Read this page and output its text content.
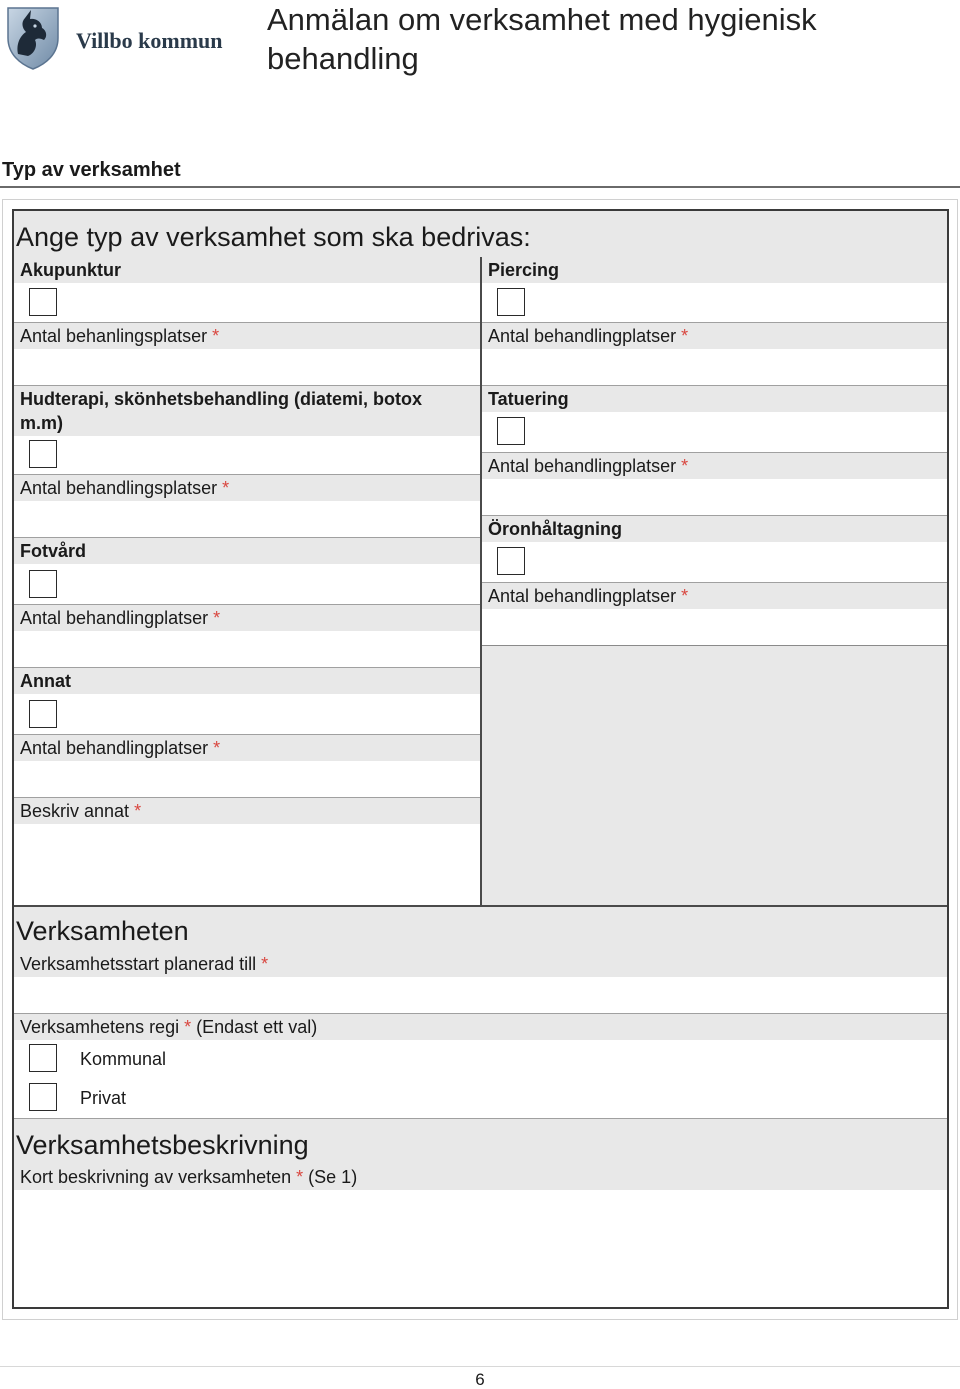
Villbo kommun
Anmälan om verksamhet med hygienisk behandling
Typ av verksamhet
Ange typ av verksamhet som ska bedrivas:
Akupunktur
Antal behanlingsplatser *
Hudterapi, skönhetsbehandling (diatemi, botox m.m)
Antal behandlingsplatser *
Fotvård
Antal behandlingplatser *
Annat
Antal behandlingplatser *
Beskriv annat *
Piercing
Antal behandlingplatser *
Tatuering
Antal behandlingplatser *
Öronhåltagning
Antal behandlingplatser *
Verksamheten
Verksamhetsstart planerad till *
Verksamhetens regi * (Endast ett val)
Kommunal
Privat
Verksamhetsbeskrivning
Kort beskrivning av verksamheten * (Se 1)
6
